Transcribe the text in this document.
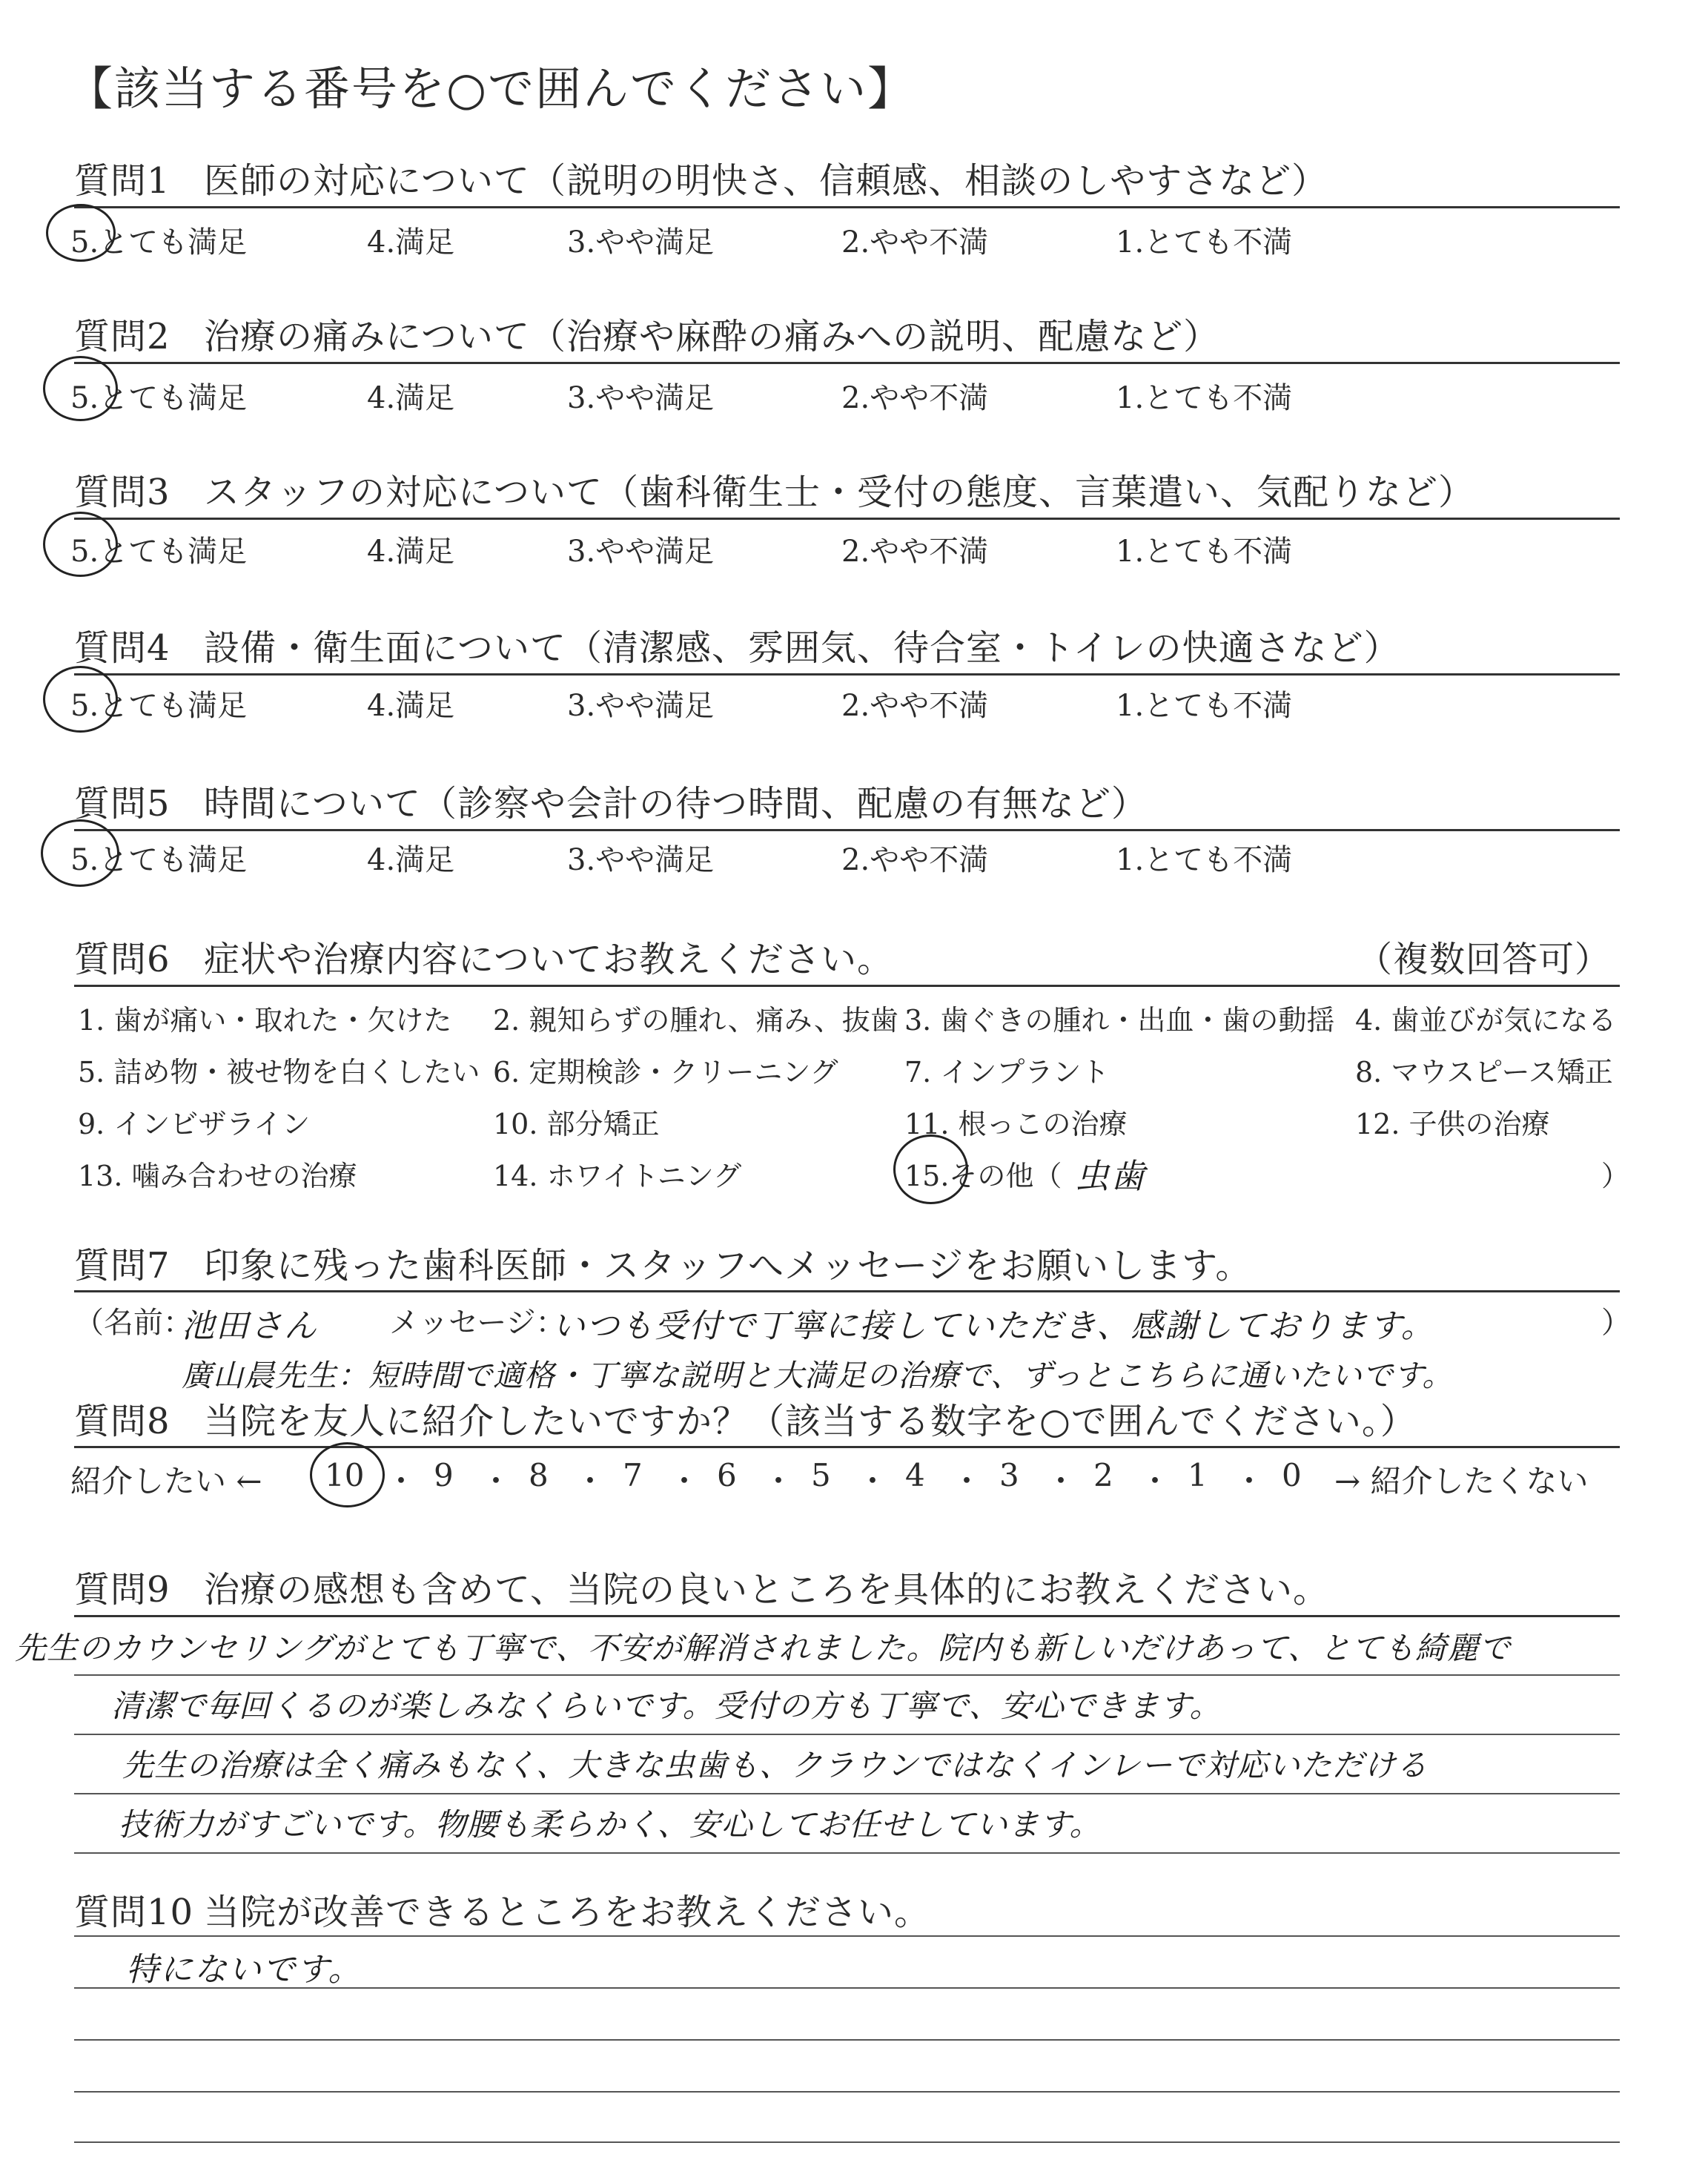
【該当する番号を○で囲んでください】
質問1 医師の対応について（説明の明快さ、信頼感、相談のしやすさなど）
5.とても満足	4.満足	3.やや満足	2.やや不満	1.とても不満
質問2 治療の痛みについて（治療や麻酔の痛みへの説明、配慮など）
5.とても満足	4.満足	3.やや満足	2.やや不満	1.とても不満
質問3 スタッフの対応について（歯科衛生士・受付の態度、言葉遣い、気配りなど）
5.とても満足	4.満足	3.やや満足	2.やや不満	1.とても不満
質問4 設備・衛生面について（清潔感、雰囲気、待合室・トイレの快適さなど）
5.とても満足	4.満足	3.やや満足	2.やや不満	1.とても不満
質問5 時間について（診察や会計の待つ時間、配慮の有無など）
5.とても満足	4.満足	3.やや満足	2.やや不満	1.とても不満
質問6 症状や治療内容についてお教えください。	（複数回答可）
1. 歯が痛い・取れた・欠けた 2. 親知らずの腫れ、痛み、抜歯 3. 歯ぐきの腫れ・出血・歯の動揺 4. 歯並びが気になる
5. 詰め物・被せ物を白くしたい 6. 定期検診・クリーニング 7. インプラント	8. マウスピース矯正
9. インビザライン	10. 部分矯正	11. 根っこの治療	12. 子供の治療
13. 噛み合わせの治療	14. ホワイトニング	15.その他（ 虫歯	）
質問7 印象に残った歯科医師・スタッフへメッセージをお願いします。
（名前：
池田さん メッセージ：
いつも受付で丁寧に接していただき、感謝しております。	）
廣山晨先生：短時間で適格・丁寧な説明と大満足の治療で、ずっとこちらに通いたいです。
質問8 当院を友人に紹介したいですか？（該当する数字を○で囲んでください。）
紹介したい ← 10 9 8 7 6 5 4 3 2 1 0
・ ・ ・ ・ ・ ・ ・ ・ ・ ・ → 紹介したくない
質問9 治療の感想も含めて、当院の良いところを具体的にお教えください。
先生のカウンセリングがとても丁寧で、不安が解消されました。院内も新しいだけあって、とても綺麗で
清潔で毎回くるのが楽しみなくらいです。受付の方も丁寧で、安心できます。
先生の治療は全く痛みもなく、大きな虫歯も、クラウンではなくインレーで対応いただける
技術力がすごいです。物腰も柔らかく、安心してお任せしています。
質問10 当院が改善できるところをお教えください。
特にないです。
